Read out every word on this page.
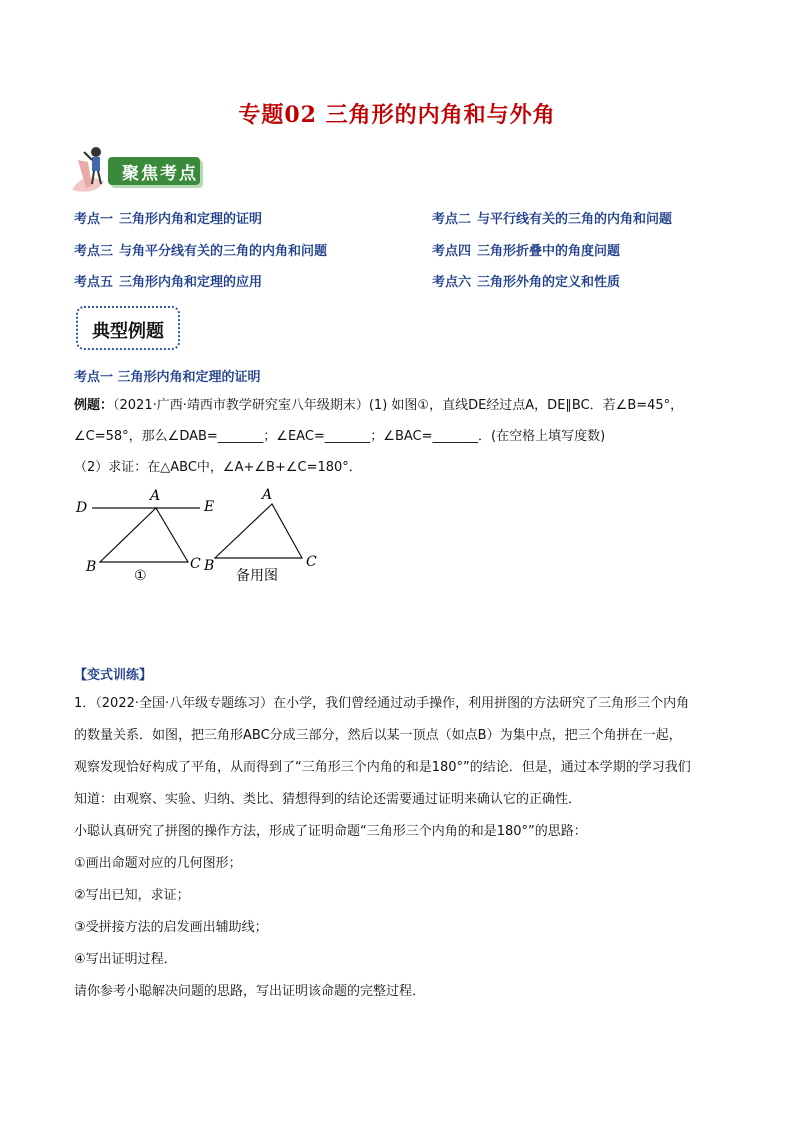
专题02 三角形的内角和与外角
聚焦考点
考点一 三角形内角和定理的证明	考点二 与平行线有关的三角的内角和问题
考点三 与角平分线有关的三角的内角和问题	考点四 三角形折叠中的角度问题
考点五 三角形内角和定理的应用	考点六 三角形外角的定义和性质
典型例题
考点一 三角形内角和定理的证明
例题：（2021·广西·靖西市教学研究室八年级期末）(1) 如图①，直线DE经过点A，DE∥BC．若∠B=45°，
∠C=58°，那么∠DAB=_______；∠EAC=_______；∠BAC=_______．(在空格上填写度数)
（2）求证：在△ABC中，∠A+∠B+∠C=180°．
D
A
E
B	C
①
A
B	C
备用图
【变式训练】
1．（2022·全国·八年级专题练习）在小学，我们曾经通过动手操作，利用拼图的方法研究了三角形三个内角
的数量关系．如图，把三角形ABC分成三部分，然后以某一顶点（如点B）为集中点，把三个角拼在一起，
观察发现恰好构成了平角，从而得到了“三角形三个内角的和是180°”的结论．但是，通过本学期的学习我们
知道：由观察、实验、归纳、类比、猜想得到的结论还需要通过证明来确认它的正确性．
小聪认真研究了拼图的操作方法，形成了证明命题“三角形三个内角的和是180°”的思路：
①画出命题对应的几何图形；
②写出已知，求证；
③受拼接方法的启发画出辅助线；
④写出证明过程．
请你参考小聪解决问题的思路，写出证明该命题的完整过程．
